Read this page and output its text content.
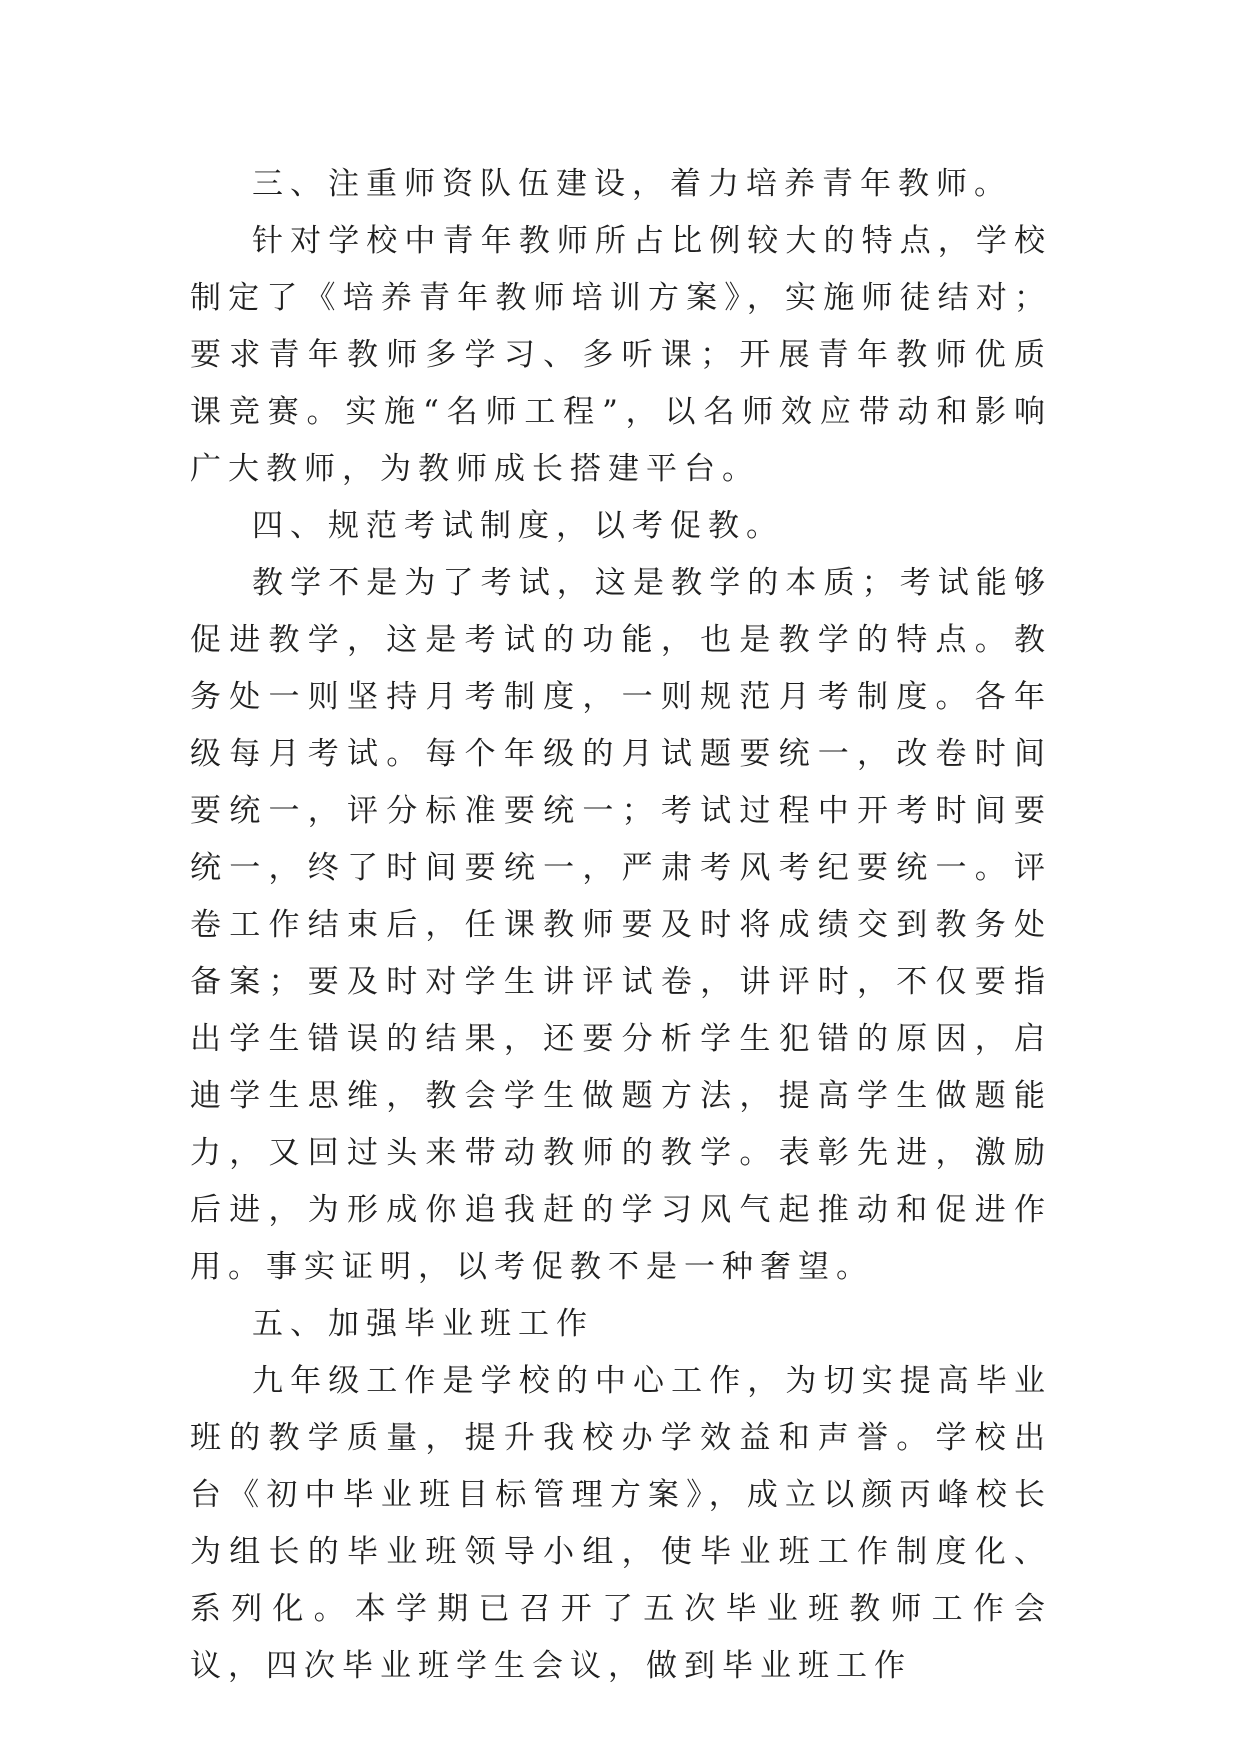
三、注重师资队伍建设，着力培养青年教师。

针对学校中青年教师所占比例较大的特点，学校制定了《培养青年教师培训方案》，实施师徒结对；要求青年教师多学习、多听课；开展青年教师优质课竞赛。实施“名师工程”，以名师效应带动和影响广大教师，为教师成长搭建平台。

四、规范考试制度，以考促教。

教学不是为了考试，这是教学的本质；考试能够促进教学，这是考试的功能，也是教学的特点。教务处一则坚持月考制度，一则规范月考制度。各年级每月考试。每个年级的月试题要统一，改卷时间要统一，评分标准要统一；考试过程中开考时间要统一，终了时间要统一，严肃考风考纪要统一。评卷工作结束后，任课教师要及时将成绩交到教务处备案；要及时对学生讲评试卷，讲评时，不仅要指出学生错误的结果，还要分析学生犯错的原因，启迪学生思维，教会学生做题方法，提高学生做题能力，又回过头来带动教师的教学。表彰先进，激励后进，为形成你追我赶的学习风气起推动和促进作用。事实证明，以考促教不是一种奢望。

五、加强毕业班工作

九年级工作是学校的中心工作，为切实提高毕业班的教学质量，提升我校办学效益和声誉。学校出台《初中毕业班目标管理方案》，成立以颜丙峰校长为组长的毕业班领导小组，使毕业班工作制度化、系列化。本学期已召开了五次毕业班教师工作会议，四次毕业班学生会议，做到毕业班工作
